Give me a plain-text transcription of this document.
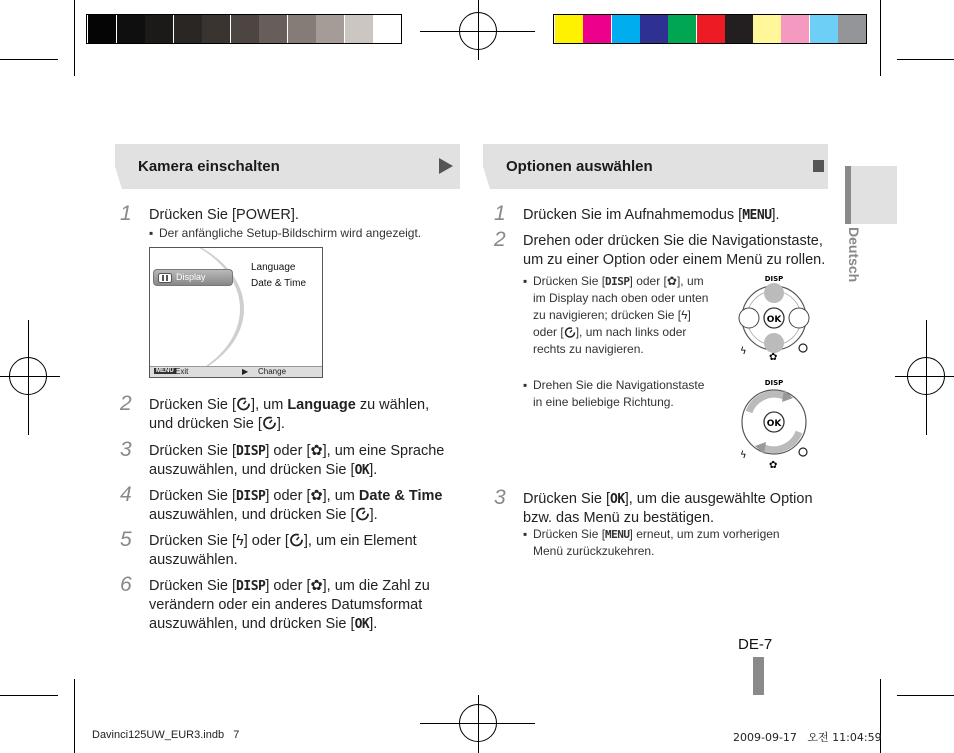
Deutsch
Kamera einschalten
1 Drücken Sie [POWER].
▪ Der anfängliche Setup-Bildschirm wird angezeigt.
Display
Language
Date & Time
MENU Exit	▶ Change
2 Drücken Sie [ ], um Language zu wählen,
und drücken Sie [ ].
3 Drücken Sie [DISP] oder [✿], um eine Sprache
auszuwählen, und drücken Sie [OK].
4 Drücken Sie [DISP] oder [✿], um Date & Time
auszuwählen, und drücken Sie [ ].
5 Drücken Sie [ϟ] oder [ ], um ein Element
auszuwählen.
6 Drücken Sie [DISP] oder [✿], um die Zahl zu
verändern oder ein anderes Datumsformat
auszuwählen, und drücken Sie [OK].
Optionen auswählen
1 Drücken Sie im Aufnahmemodus [MENU].
2 Drehen oder drücken Sie die Navigationstaste,
um zu einer Option oder einem Menü zu rollen.
▪ Drücken Sie [DISP] oder [✿], um
im Display nach oben oder unten
zu navigieren; drücken Sie [ϟ]
oder [ ], um nach links oder
rechts zu navigieren.
▪ Drehen Sie die Navigationstaste
in eine beliebige Richtung.
DISP
OK
ϟ
✿
DISP
OK
ϟ
✿
3 Drücken Sie [OK], um die ausgewählte Option
bzw. das Menü zu bestätigen.
▪ Drücken Sie [MENU] erneut, um zum vorherigen
Menü zurückzukehren.
DE-7
Davinci125UW_EUR3.indb   7	2009-09-17   오전 11:04:59
